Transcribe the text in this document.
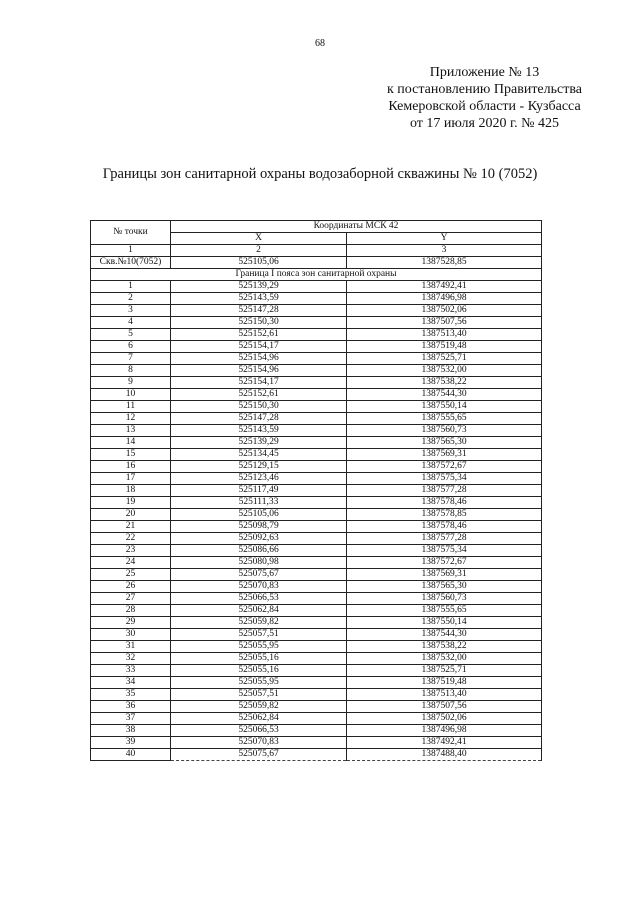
68
Приложение № 13
к постановлению Правительства
Кемеровской области - Кузбасса
от 17 июля 2020 г. № 425
Границы зон санитарной охраны водозаборной скважины № 10 (7052)
№ точки	Координаты МСК 42	
	X	Y
1	2	3
Скв.№10(7052)	525105,06	1387528,85
Граница I пояса зон санитарной охраны		
1	525139,29	1387492,41
2	525143,59	1387496,98
3	525147,28	1387502,06
4	525150,30	1387507,56
5	525152,61	1387513,40
6	525154,17	1387519,48
7	525154,96	1387525,71
8	525154,96	1387532,00
9	525154,17	1387538,22
10	525152,61	1387544,30
11	525150,30	1387550,14
12	525147,28	1387555,65
13	525143,59	1387560,73
14	525139,29	1387565,30
15	525134,45	1387569,31
16	525129,15	1387572,67
17	525123,46	1387575,34
18	525117,49	1387577,28
19	525111,33	1387578,46
20	525105,06	1387578,85
21	525098,79	1387578,46
22	525092,63	1387577,28
23	525086,66	1387575,34
24	525080,98	1387572,67
25	525075,67	1387569,31
26	525070,83	1387565,30
27	525066,53	1387560,73
28	525062,84	1387555,65
29	525059,82	1387550,14
30	525057,51	1387544,30
31	525055,95	1387538,22
32	525055,16	1387532,00
33	525055,16	1387525,71
34	525055,95	1387519,48
35	525057,51	1387513,40
36	525059,82	1387507,56
37	525062,84	1387502,06
38	525066,53	1387496,98
39	525070,83	1387492,41
40	525075,67	1387488,40
